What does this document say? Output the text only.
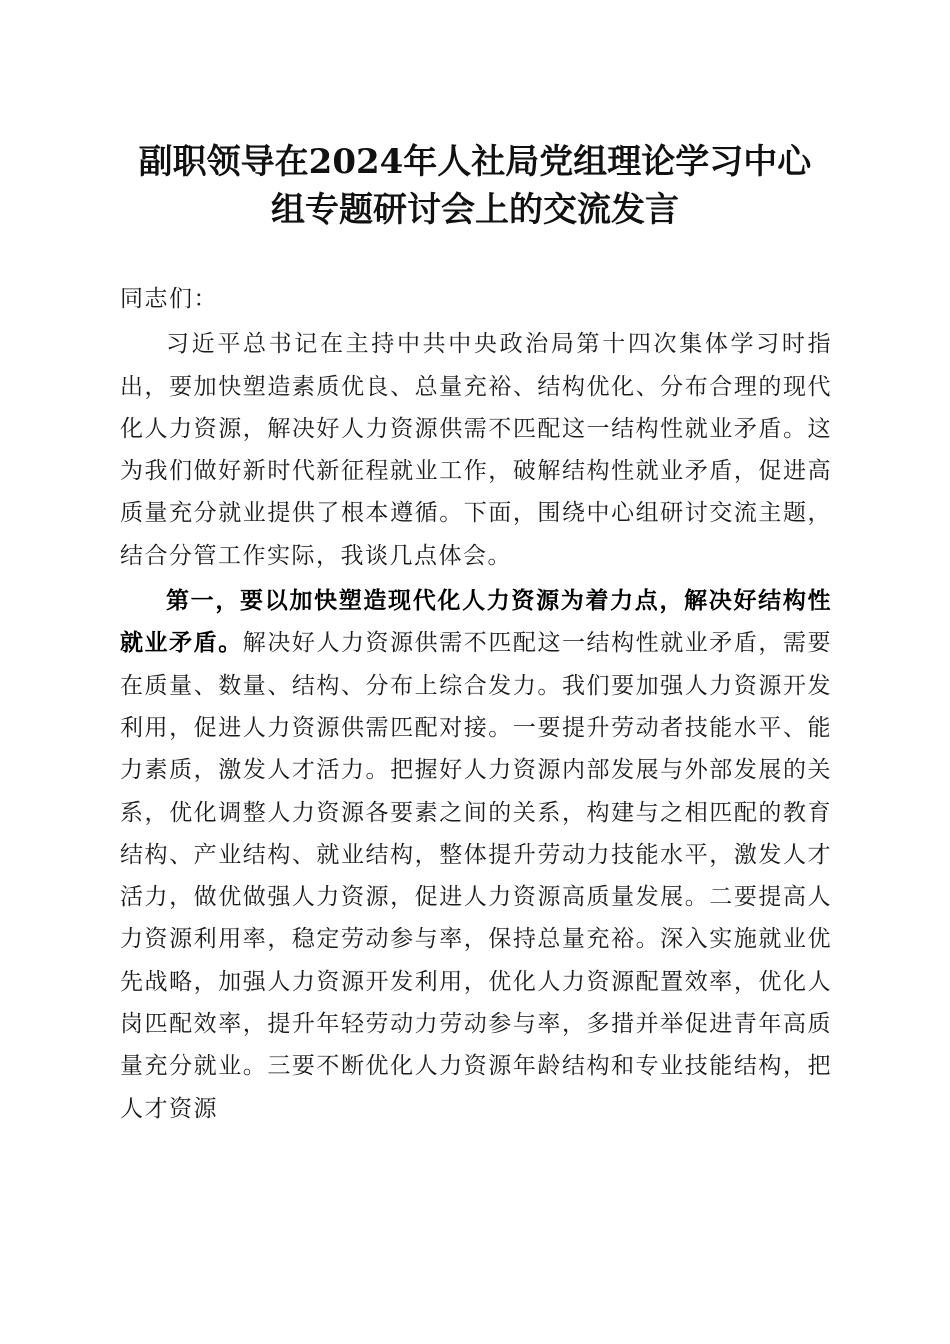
副职领导在2024年人社局党组理论学习中心
组专题研讨会上的交流发言

同志们：

习近平总书记在主持中共中央政治局第十四次集体学习时指出，要加快塑造素质优良、总量充裕、结构优化、分布合理的现代化人力资源，解决好人力资源供需不匹配这一结构性就业矛盾。这为我们做好新时代新征程就业工作，破解结构性就业矛盾，促进高质量充分就业提供了根本遵循。下面，围绕中心组研讨交流主题，结合分管工作实际，我谈几点体会。

第一，要以加快塑造现代化人力资源为着力点，解决好结构性就业矛盾。解决好人力资源供需不匹配这一结构性就业矛盾，需要在质量、数量、结构、分布上综合发力。我们要加强人力资源开发利用，促进人力资源供需匹配对接。一要提升劳动者技能水平、能力素质，激发人才活力。把握好人力资源内部发展与外部发展的关系，优化调整人力资源各要素之间的关系，构建与之相匹配的教育结构、产业结构、就业结构，整体提升劳动力技能水平，激发人才活力，做优做强人力资源，促进人力资源高质量发展。二要提高人力资源利用率，稳定劳动参与率，保持总量充裕。深入实施就业优先战略，加强人力资源开发利用，优化人力资源配置效率，优化人岗匹配效率，提升年轻劳动力劳动参与率，多措并举促进青年高质量充分就业。三要不断优化人力资源年龄结构和专业技能结构，把人才资源
